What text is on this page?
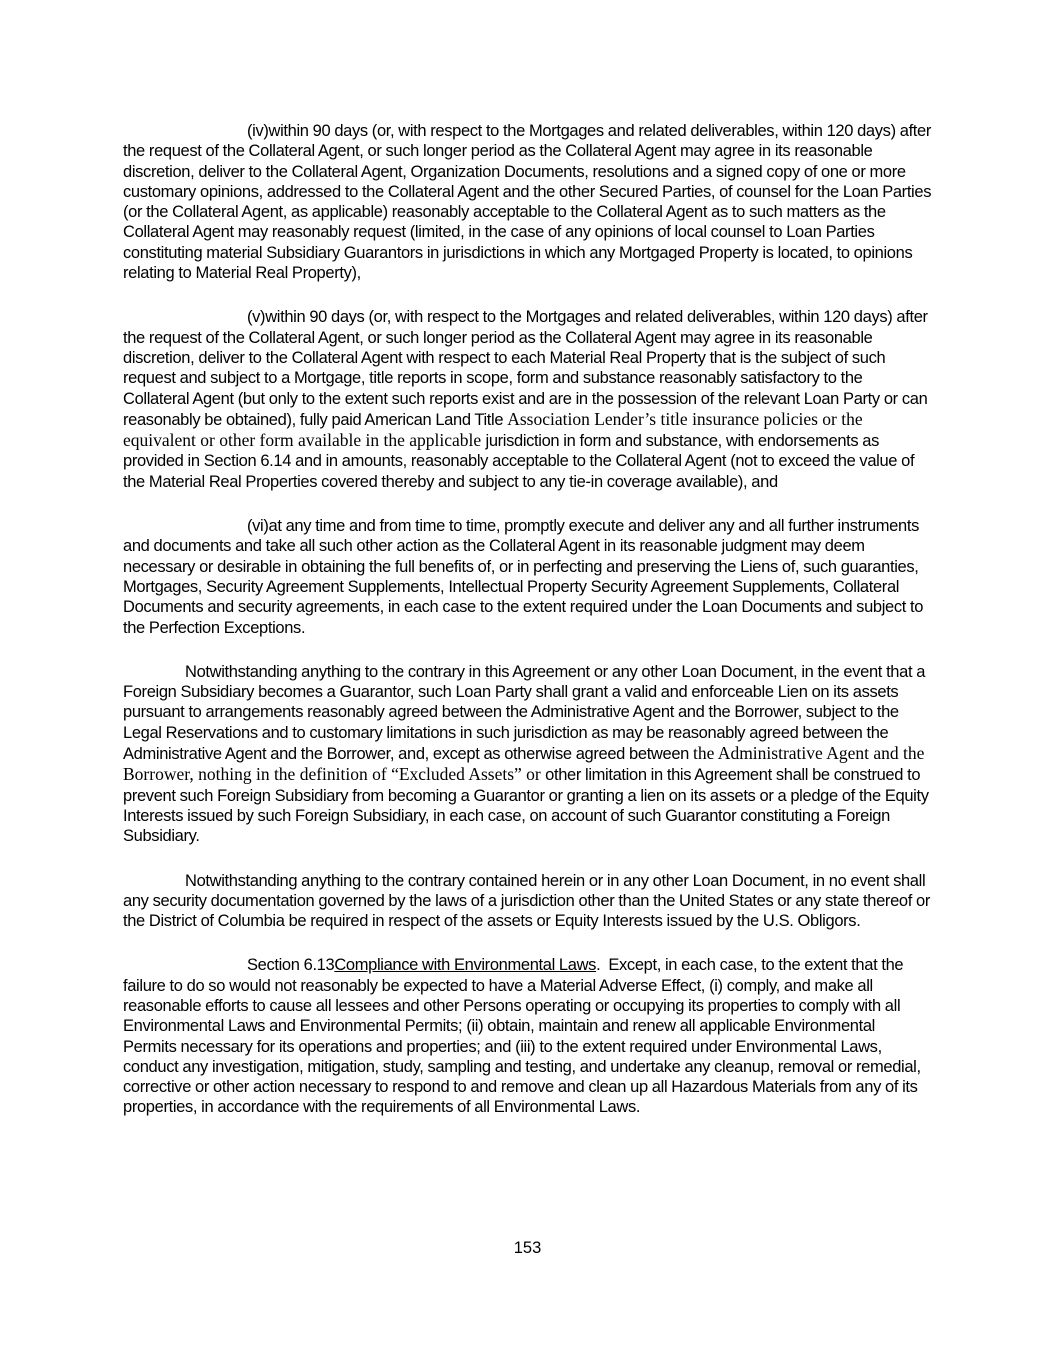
(iv)within 90 days (or, with respect to the Mortgages and related deliverables, within 120 days) after the request of the Collateral Agent, or such longer period as the Collateral Agent may agree in its reasonable discretion, deliver to the Collateral Agent, Organization Documents, resolutions and a signed copy of one or more customary opinions, addressed to the Collateral Agent and the other Secured Parties, of counsel for the Loan Parties (or the Collateral Agent, as applicable) reasonably acceptable to the Collateral Agent as to such matters as the Collateral Agent may reasonably request (limited, in the case of any opinions of local counsel to Loan Parties constituting material Subsidiary Guarantors in jurisdictions in which any Mortgaged Property is located, to opinions relating to Material Real Property),

(v)within 90 days (or, with respect to the Mortgages and related deliverables, within 120 days) after the request of the Collateral Agent, or such longer period as the Collateral Agent may agree in its reasonable discretion, deliver to the Collateral Agent with respect to each Material Real Property that is the subject of such request and subject to a Mortgage, title reports in scope, form and substance reasonably satisfactory to the Collateral Agent (but only to the extent such reports exist and are in the possession of the relevant Loan Party or can reasonably be obtained), fully paid American Land Title Association Lender’s title insurance policies or the equivalent or other form available in the applicable jurisdiction in form and substance, with endorsements as provided in Section 6.14 and in amounts, reasonably acceptable to the Collateral Agent (not to exceed the value of the Material Real Properties covered thereby and subject to any tie-in coverage available), and

(vi)at any time and from time to time, promptly execute and deliver any and all further instruments and documents and take all such other action as the Collateral Agent in its reasonable judgment may deem necessary or desirable in obtaining the full benefits of, or in perfecting and preserving the Liens of, such guaranties, Mortgages, Security Agreement Supplements, Intellectual Property Security Agreement Supplements, Collateral Documents and security agreements, in each case to the extent required under the Loan Documents and subject to the Perfection Exceptions.

Notwithstanding anything to the contrary in this Agreement or any other Loan Document, in the event that a Foreign Subsidiary becomes a Guarantor, such Loan Party shall grant a valid and enforceable Lien on its assets pursuant to arrangements reasonably agreed between the Administrative Agent and the Borrower, subject to the Legal Reservations and to customary limitations in such jurisdiction as may be reasonably agreed between the Administrative Agent and the Borrower, and, except as otherwise agreed between the Administrative Agent and the Borrower, nothing in the definition of “Excluded Assets” or other limitation in this Agreement shall be construed to prevent such Foreign Subsidiary from becoming a Guarantor or granting a lien on its assets or a pledge of the Equity Interests issued by such Foreign Subsidiary, in each case, on account of such Guarantor constituting a Foreign Subsidiary.

Notwithstanding anything to the contrary contained herein or in any other Loan Document, in no event shall any security documentation governed by the laws of a jurisdiction other than the United States or any state thereof or the District of Columbia be required in respect of the assets or Equity Interests issued by the U.S. Obligors.

Section 6.13Compliance with Environmental Laws.  Except, in each case, to the extent that the failure to do so would not reasonably be expected to have a Material Adverse Effect, (i) comply, and make all reasonable efforts to cause all lessees and other Persons operating or occupying its properties to comply with all Environmental Laws and Environmental Permits; (ii) obtain, maintain and renew all applicable Environmental Permits necessary for its operations and properties; and (iii) to the extent required under Environmental Laws, conduct any investigation, mitigation, study, sampling and testing, and undertake any cleanup, removal or remedial, corrective or other action necessary to respond to and remove and clean up all Hazardous Materials from any of its properties, in accordance with the requirements of all Environmental Laws.

153
